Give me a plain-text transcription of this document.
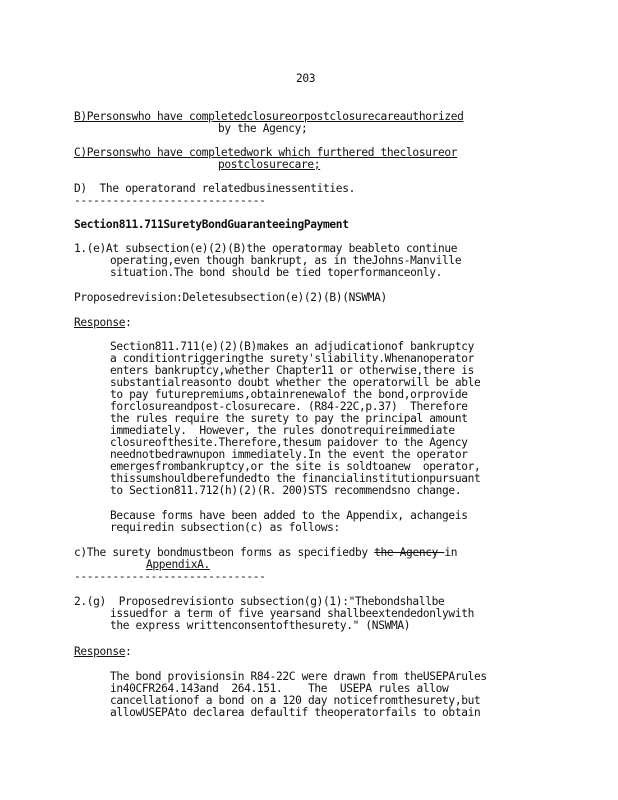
203
B)Personswho have completedclosureorpostclosurecareauthorized
by the Agency;
C)Personswho have completedwork which furthered theclosureor
postclosurecare;
D)  The operatorand relatedbusinessentities.
------------------------------
Section811.711SuretyBondGuaranteeingPayment
1.(e)At subsection(e)(2)(B)the operatormay beableto continue
operating,even though bankrupt, as in theJohns-Manville
situation.The bond should be tied toperformanceonly.
Proposedrevision:Deletesubsection(e)(2)(B)(NSWMA)
Response:
Section811.711(e)(2)(B)makes an adjudicationof bankruptcy
a conditiontriggeringthe surety'sliability.Whenanoperator
enters bankruptcy,whether Chapter11 or otherwise,there is
substantialreasonto doubt whether the operatorwill be able
to pay futurepremiums,obtainrenewalof the bond,orprovide
forclosureandpost-closurecare. (R84-22C,p.37)  Therefore
the rules require the surety to pay the principal amount
immediately.  However, the rules donotrequireimmediate
closureofthesite.Therefore,thesum paidover to the Agency
neednotbedrawnupon immediately.In the event the operator
emergesfrombankruptcy,or the site is soldtoanew  operator,
thissumshouldberefundedto the financialinstitutionpursuant
to Section811.712(h)(2)(R. 200)STS recommendsno change.
Because forms have been added to the Appendix, achangeis
requiredin subsection(c) as follows:
c)The surety bondmustbeon forms as specifiedby the Agency in
AppendixA.
------------------------------
2.(g)  Proposedrevisionto subsection(g)(1):"Thebondshallbe
issuedfor a term of five yearsand shallbeextendedonlywith
the express writtenconsentofthesurety." (NSWMA)
Response:
The bond provisionsin R84-22C were drawn from theUSEPArules
in40CFR264.143and  264.151.    The  USEPA rules allow
cancellationof a bond on a 120 day noticefromthesurety,but
allowUSEPAto declarea defaultif theoperatorfails to obtain
